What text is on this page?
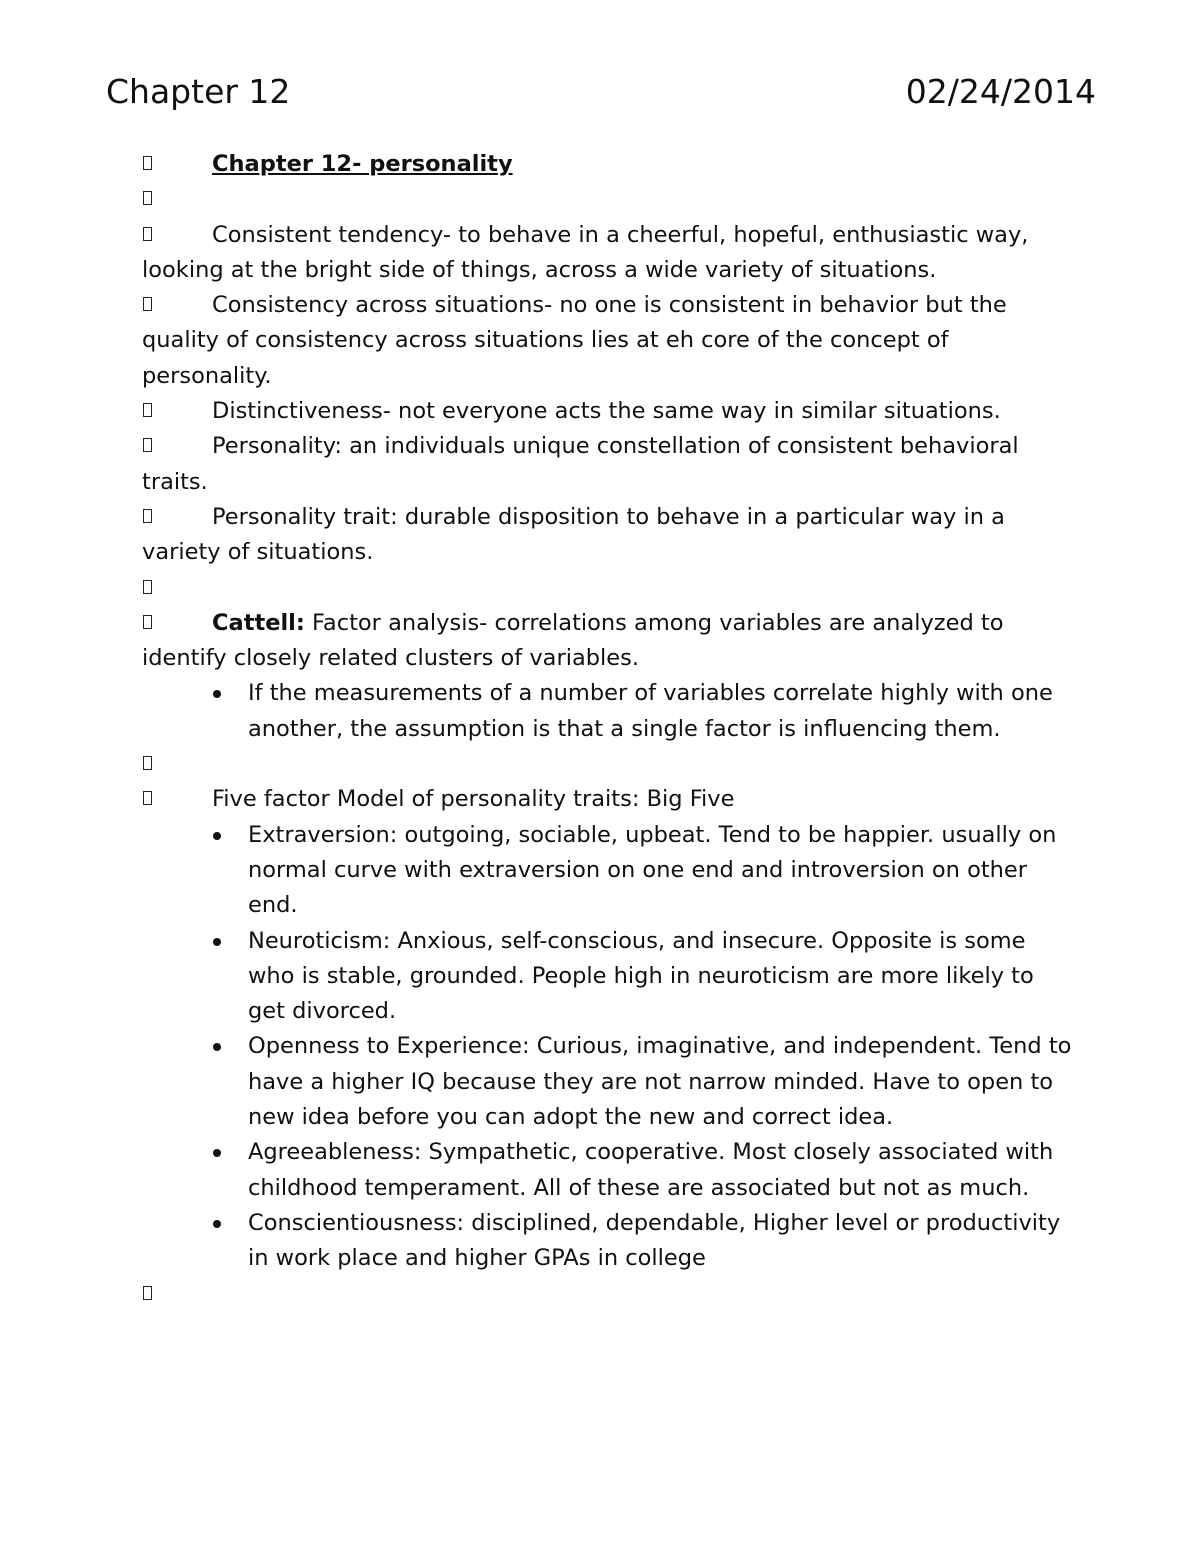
Chapter 12	02/24/2014

Chapter 12- personality

Consistent tendency- to behave in a cheerful, hopeful, enthusiastic way, looking at the bright side of things, across a wide variety of situations.

Consistency across situations- no one is consistent in behavior but the quality of consistency across situations lies at eh core of the concept of personality.

Distinctiveness- not everyone acts the same way in similar situations.

Personality: an individuals unique constellation of consistent behavioral traits.

Personality trait: durable disposition to behave in a particular way in a variety of situations.

Cattell: Factor analysis- correlations among variables are analyzed to identify closely related clusters of variables.

If the measurements of a number of variables correlate highly with one another, the assumption is that a single factor is influencing them.

Five factor Model of personality traits: Big Five

Extraversion: outgoing, sociable, upbeat. Tend to be happier. usually on normal curve with extraversion on one end and introversion on other end.
Neuroticism: Anxious, self-conscious, and insecure. Opposite is some who is stable, grounded. People high in neuroticism are more likely to get divorced.
Openness to Experience: Curious, imaginative, and independent. Tend to have a higher IQ because they are not narrow minded. Have to open to new idea before you can adopt the new and correct idea.
Agreeableness: Sympathetic, cooperative. Most closely associated with childhood temperament. All of these are associated but not as much.
Conscientiousness: disciplined, dependable, Higher level or productivity in work place and higher GPAs in college
